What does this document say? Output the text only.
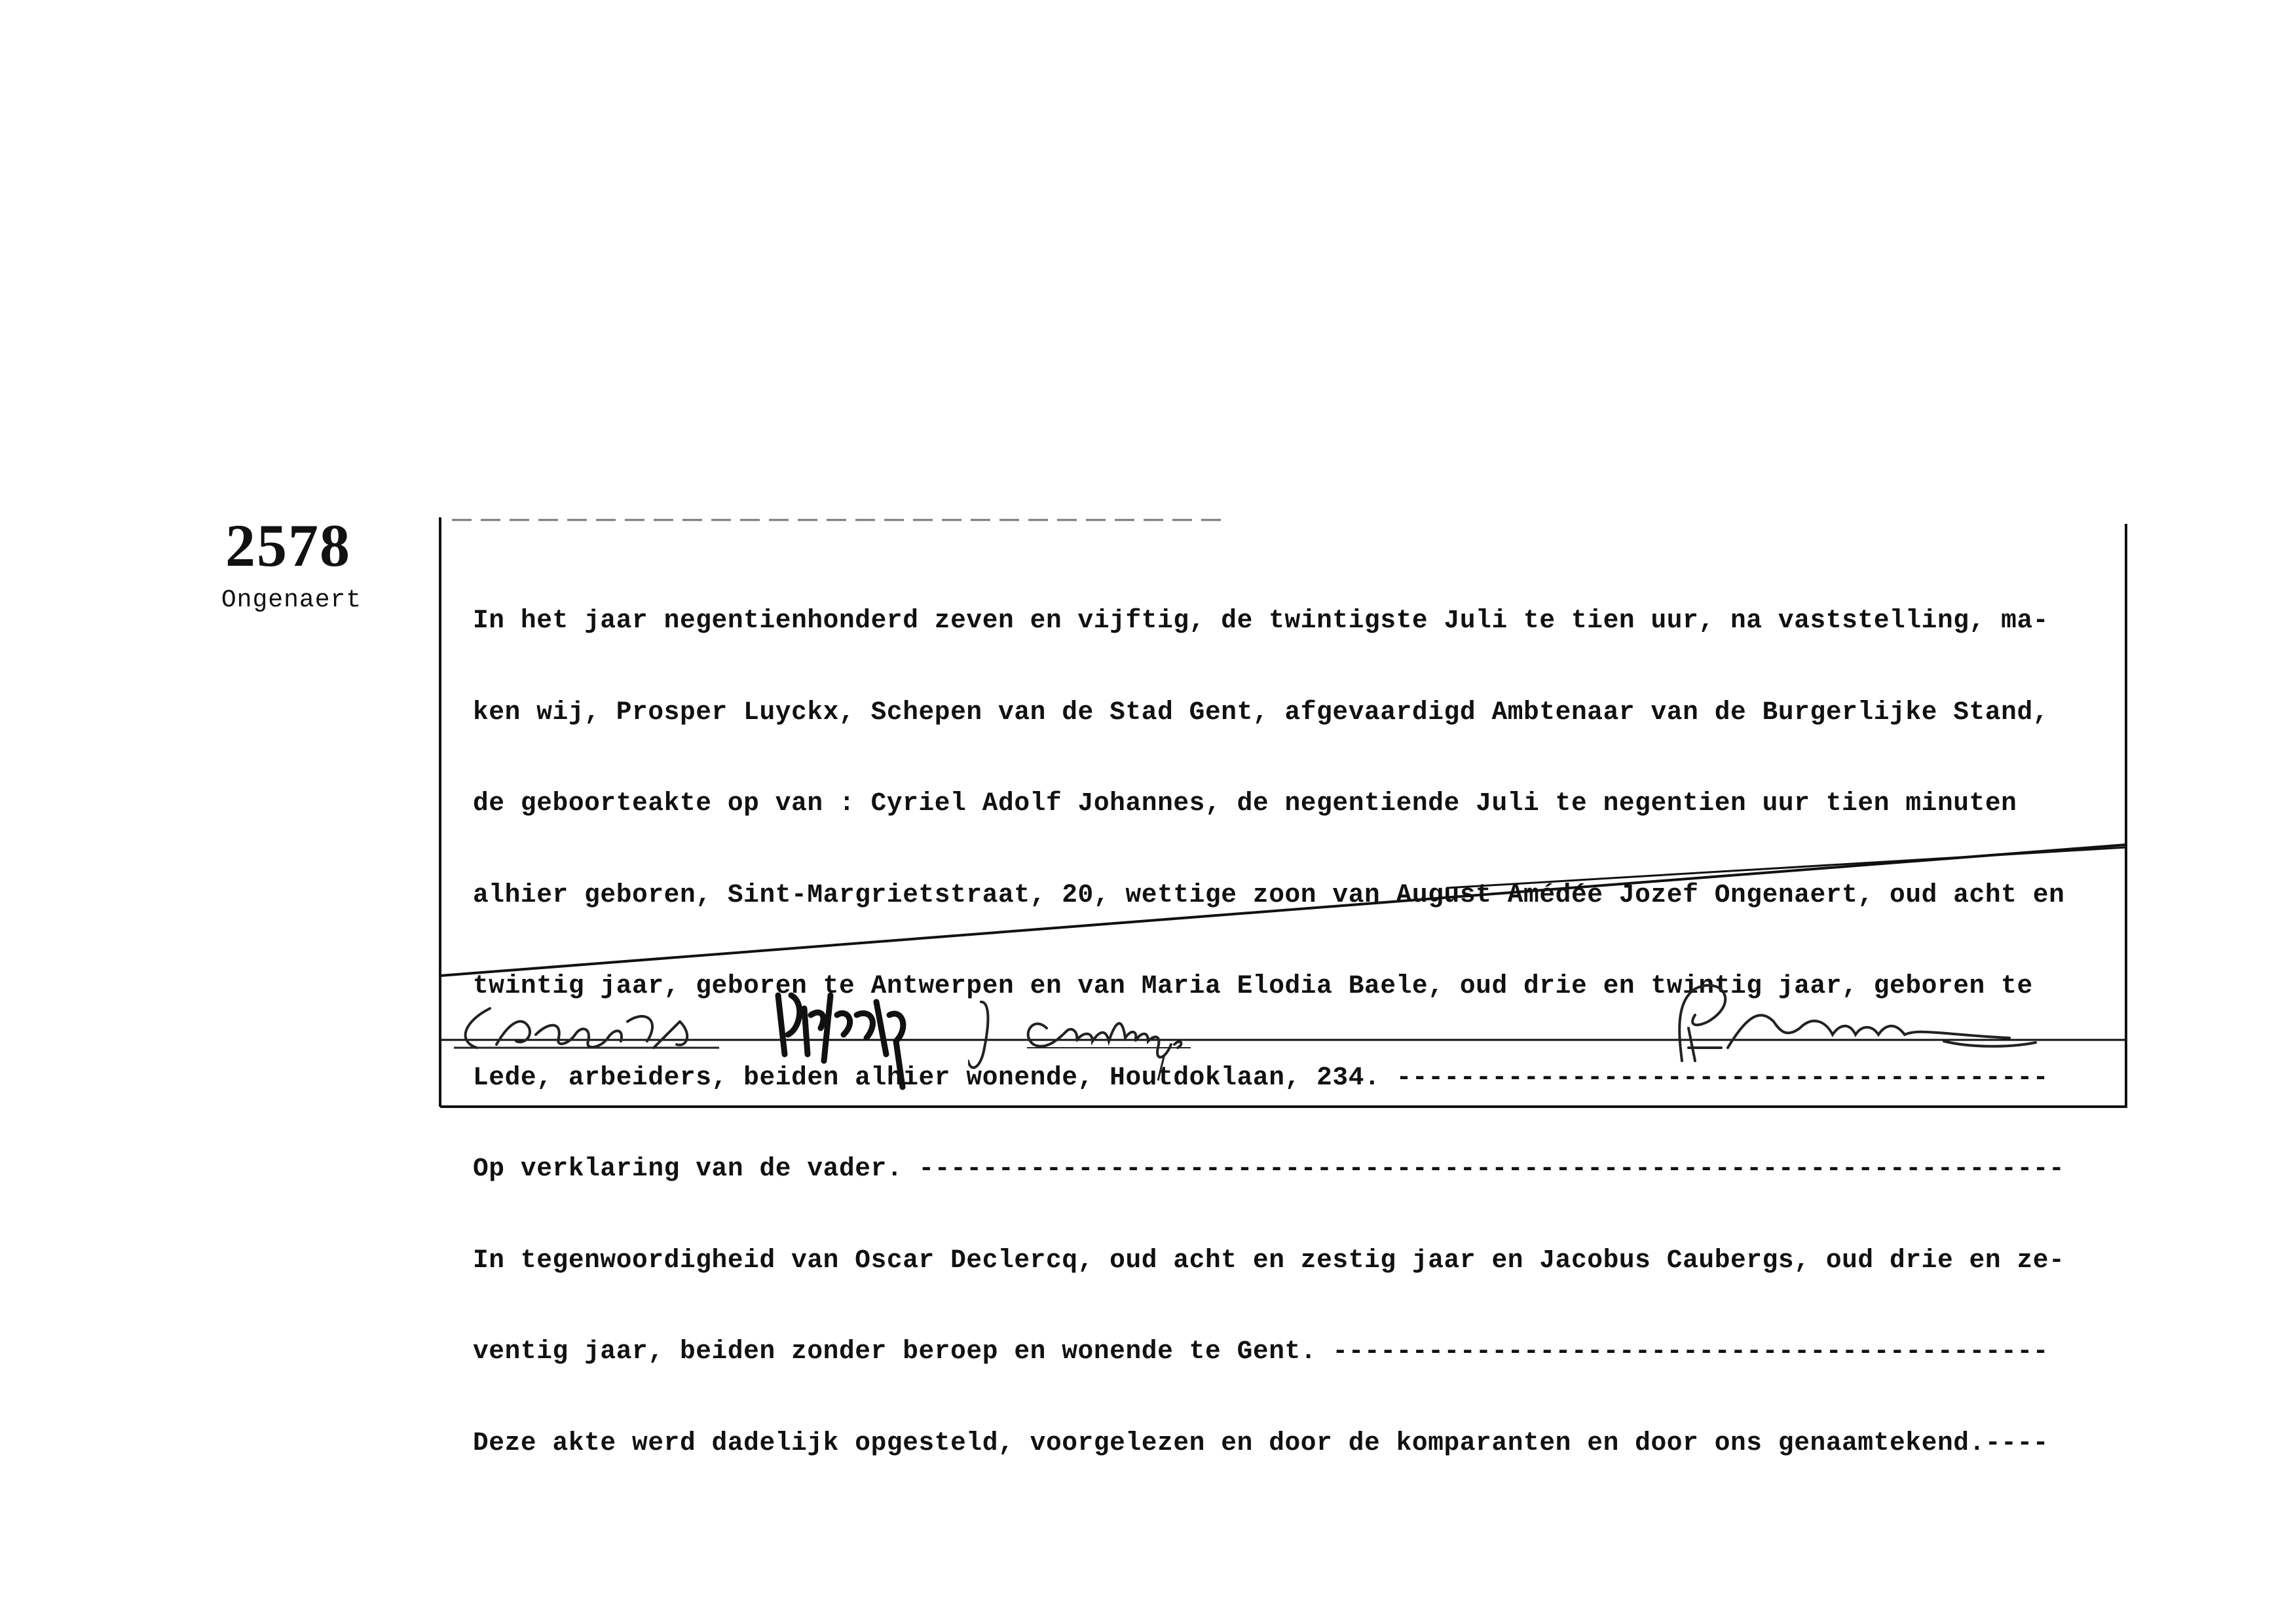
2578
Ongenaert

In het jaar negentienhonderd zeven en vijftig, de twintigste Juli te tien uur, na vaststelling, ma-

ken wij, Prosper Luyckx, Schepen van de Stad Gent, afgevaardigd Ambtenaar van de Burgerlijke Stand,

de geboorteakte op van : Cyriel Adolf Johannes, de negentiende Juli te negentien uur tien minuten

alhier geboren, Sint-Margrietstraat, 20, wettige zoon van August Amédée Jozef Ongenaert, oud acht en

twintig jaar, geboren te Antwerpen en van Maria Elodia Baele, oud drie en twintig jaar, geboren te

Lede, arbeiders, beiden alhier wonende, Houtdoklaan, 234. -----------------------------------------

Op verklaring van de vader. ------------------------------------------------------------------------

In tegenwoordigheid van Oscar Declercq, oud acht en zestig jaar en Jacobus Caubergs, oud drie en ze-

ventig jaar, beiden zonder beroep en wonende te Gent. ---------------------------------------------

Deze akte werd dadelijk opgesteld, voorgelezen en door de komparanten en door ons genaamtekend.----
